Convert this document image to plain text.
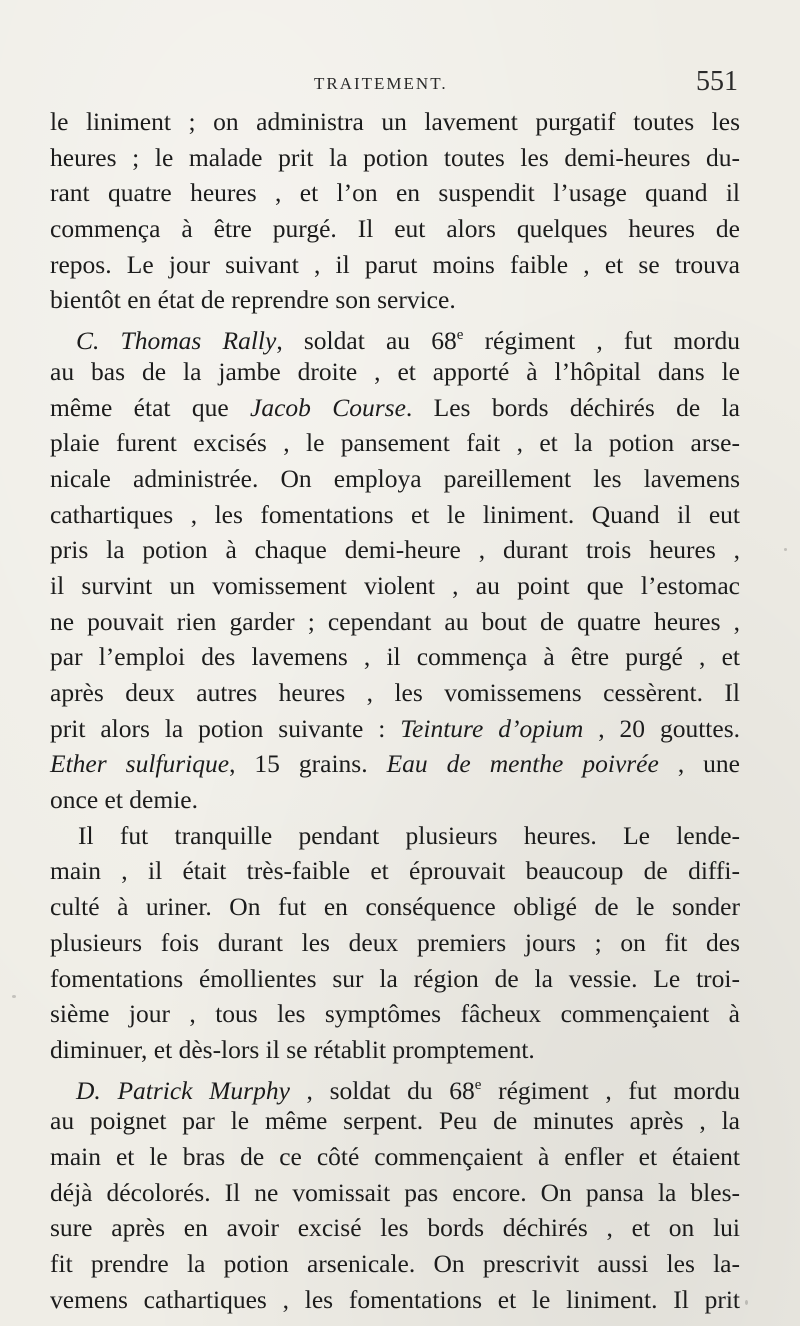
TRAITEMENT.	551
le liniment ; on administra un lavement purgatif toutes les
heures ; le malade prit la potion toutes les demi-heures du-
rant quatre heures , et l’on en suspendit l’usage quand il
commença à être purgé. Il eut alors quelques heures de
repos. Le jour suivant , il parut moins faible , et se trouva
bientôt en état de reprendre son service.
C. Thomas Rally, soldat au 68e régiment , fut mordu
au bas de la jambe droite , et apporté à l’hôpital dans le
même état que Jacob Course. Les bords déchirés de la
plaie furent excisés , le pansement fait , et la potion arse-
nicale administrée. On employa pareillement les lavemens
cathartiques , les fomentations et le liniment. Quand il eut
pris la potion à chaque demi-heure , durant trois heures ,
il survint un vomissement violent , au point que l’estomac
ne pouvait rien garder ; cependant au bout de quatre heures ,
par l’emploi des lavemens , il commença à être purgé , et
après deux autres heures , les vomissemens cessèrent. Il
prit alors la potion suivante : Teinture d’opium , 20 gouttes.
Ether sulfurique, 15 grains. Eau de menthe poivrée , une
once et demie.
Il fut tranquille pendant plusieurs heures. Le lende-
main , il était très-faible et éprouvait beaucoup de diffi-
culté à uriner. On fut en conséquence obligé de le sonder
plusieurs fois durant les deux premiers jours ; on fit des
fomentations émollientes sur la région de la vessie. Le troi-
sième jour , tous les symptômes fâcheux commençaient à
diminuer, et dès-lors il se rétablit promptement.
D. Patrick Murphy , soldat du 68e régiment , fut mordu
au poignet par le même serpent. Peu de minutes après , la
main et le bras de ce côté commençaient à enfler et étaient
déjà décolorés. Il ne vomissait pas encore. On pansa la bles-
sure après en avoir excisé les bords déchirés , et on lui
fit prendre la potion arsenicale. On prescrivit aussi les la-
vemens cathartiques , les fomentations et le liniment. Il prit
